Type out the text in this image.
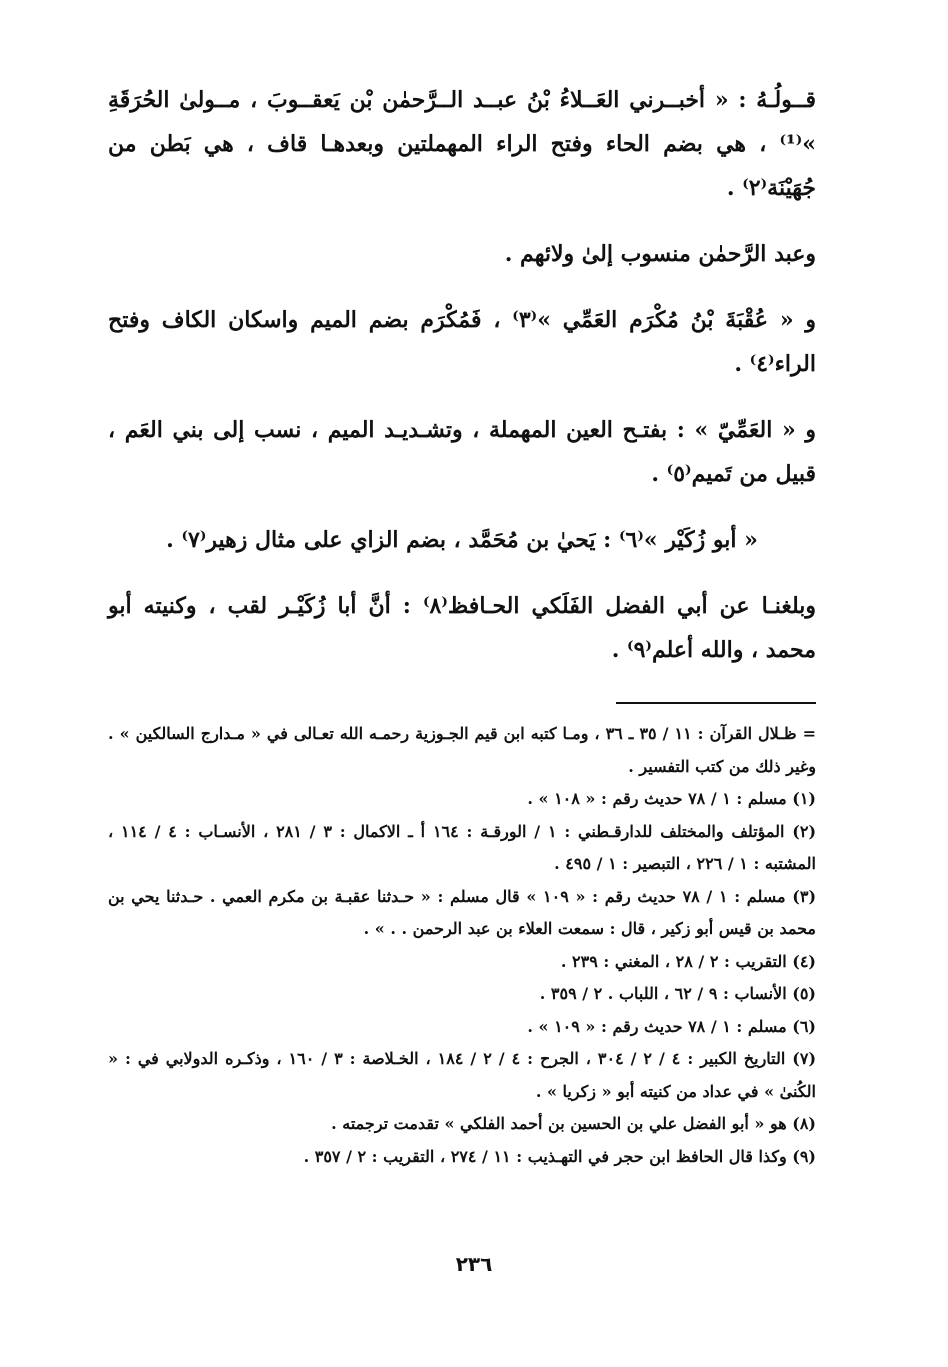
قــولُـهُ : « أخبــرني العَــلاءُ بْنُ عبــد الــرَّحمٰن بْن يَعقــوبَ ، مــولىٰ الحُرَقَةِ »⁽¹⁾ ، هي بضم الحاء وفتح الراء المهملتين وبعدهـا قاف ، هي بَطن من جُهَيْنَة⁽٢⁾ .

وعبد الرَّحمٰن منسوب إلىٰ ولائهم .

و « عُقْبَةَ بْنُ مُكْرَم العَمِّي »⁽٣⁾ ، فَمُكْرَم بضم الميم واسكان الكاف وفتح الراء⁽٤⁾ .

و « العَمِّيّ » : بفتـح العين المهملة ، وتشـديـد الميم ، نسب إلى بني العَم ، قبيل من تَميم⁽٥⁾ .

« أبو زُكَيْر »⁽٦⁾ : يَحيٰ بن مُحَمَّد ، بضم الزاي على مثال زهير⁽٧⁾ .

وبلغنـا عن أبي الفضل الفَلَكي الحـافظ⁽٨⁾ : أنَّ أبا زُكَيْـر لقب ، وكنيته أبو محمد ، والله أعلم⁽٩⁾ .

= ظـلال القرآن : ١١ / ٣٥ ـ ٣٦ ، ومـا كتبه ابن قيم الجـوزية رحمـه الله تعـالى في « مـدارج السالكين » . وغير ذلك من كتب التفسير .

(١) مسلم : ١ / ٧٨ حديث رقم : « ١٠٨ » .

(٢) المؤتلف والمختلف للدارقـطني : ١ / الورقـة : ١٦٤ أ ـ الاكمال : ٣ / ٢٨١ ، الأنسـاب : ٤ / ١١٤ ، المشتبه : ١ / ٢٢٦ ، التبصير : ١ / ٤٩٥ .

(٣) مسلم : ١ / ٧٨ حديث رقم : « ١٠٩ » قال مسلم : « حـدثنا عقبـة بن مكرم العمي . حـدثنا يحي بن محمد بن قيس أبو زكير ، قال : سمعت العلاء بن عبد الرحمن . . » .

(٤) التقريب : ٢ / ٢٨ ، المغني : ٢٣٩ .

(٥) الأنساب : ٩ / ٦٢ ، اللباب . ٢ / ٣٥٩ .

(٦) مسلم : ١ / ٧٨ حديث رقم : « ١٠٩ » .

(٧) التاريخ الكبير : ٤ / ٢ / ٣٠٤ ، الجرح : ٤ / ٢ / ١٨٤ ، الخـلاصة : ٣ / ١٦٠ ، وذكـره الدولابي في : « الكُنىٰ » في عداد من كنيته أبو « زكريا » .

(٨) هو « أبو الفضل علي بن الحسين بن أحمد الفلكي » تقدمت ترجمته .

(٩) وكذا قال الحافظ ابن حجر في التهـذيب : ١١ / ٢٧٤ ، التقريب : ٢ / ٣٥٧ .

٢٣٦
